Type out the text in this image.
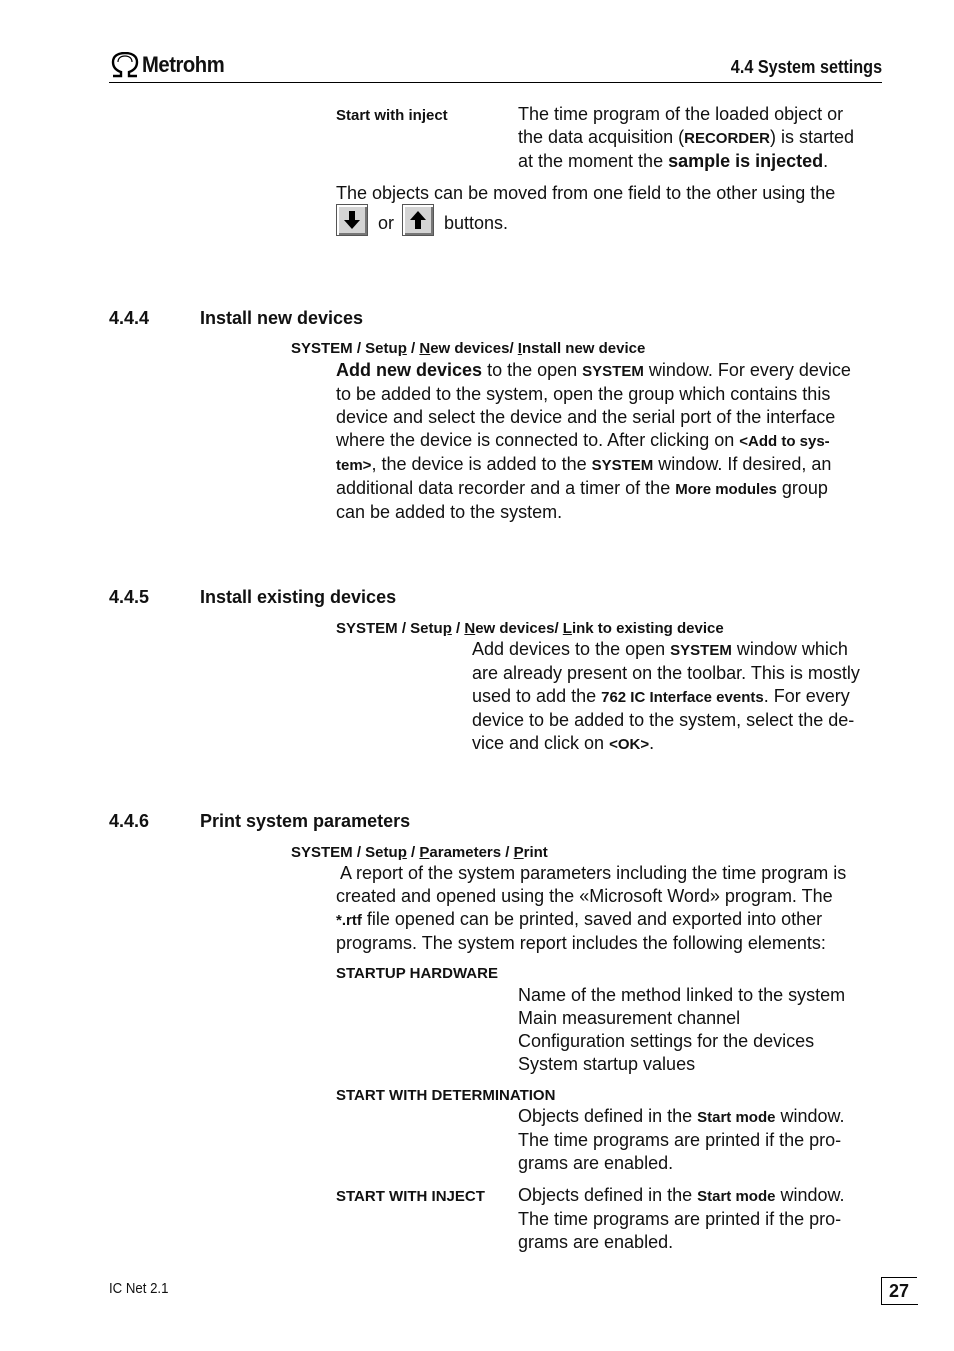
Metrohm	4.4 System settings
Start with inject	The time program of the loaded object or
the data acquisition (RECORDER) is started
at the moment the sample is injected.
The objects can be moved from one field to the other using the
or	buttons.
4.4.4	Install new devices
SYSTEM / Setup / New devices/ Install new device
Add new devices to the open SYSTEM window. For every device
to be added to the system, open the group which contains this
device and select the device and the serial port of the interface
where the device is connected to. After clicking on <Add to sys-
tem>, the device is added to the SYSTEM window. If desired, an
additional data recorder and a timer of the More modules group
can be added to the system.
4.4.5	Install existing devices
SYSTEM / Setup / New devices/ Link to existing device
Add devices to the open SYSTEM window which
are already present on the toolbar. This is mostly
used to add the 762 IC Interface events. For every
device to be added to the system, select the de-
vice and click on <OK>.
4.4.6	Print system parameters
SYSTEM / Setup / Parameters / Print
A report of the system parameters including the time program is
created and opened using the «Microsoft Word» program. The
*.rtf file opened can be printed, saved and exported into other
programs. The system report includes the following elements:
STARTUP HARDWARE
Name of the method linked to the system
Main measurement channel
Configuration settings for the devices
System startup values
START WITH DETERMINATION
Objects defined in the Start mode window.
The time programs are printed if the pro-
grams are enabled.
START WITH INJECT Objects defined in the Start mode window.
The time programs are printed if the pro-
grams are enabled.
IC Net 2.1	27
